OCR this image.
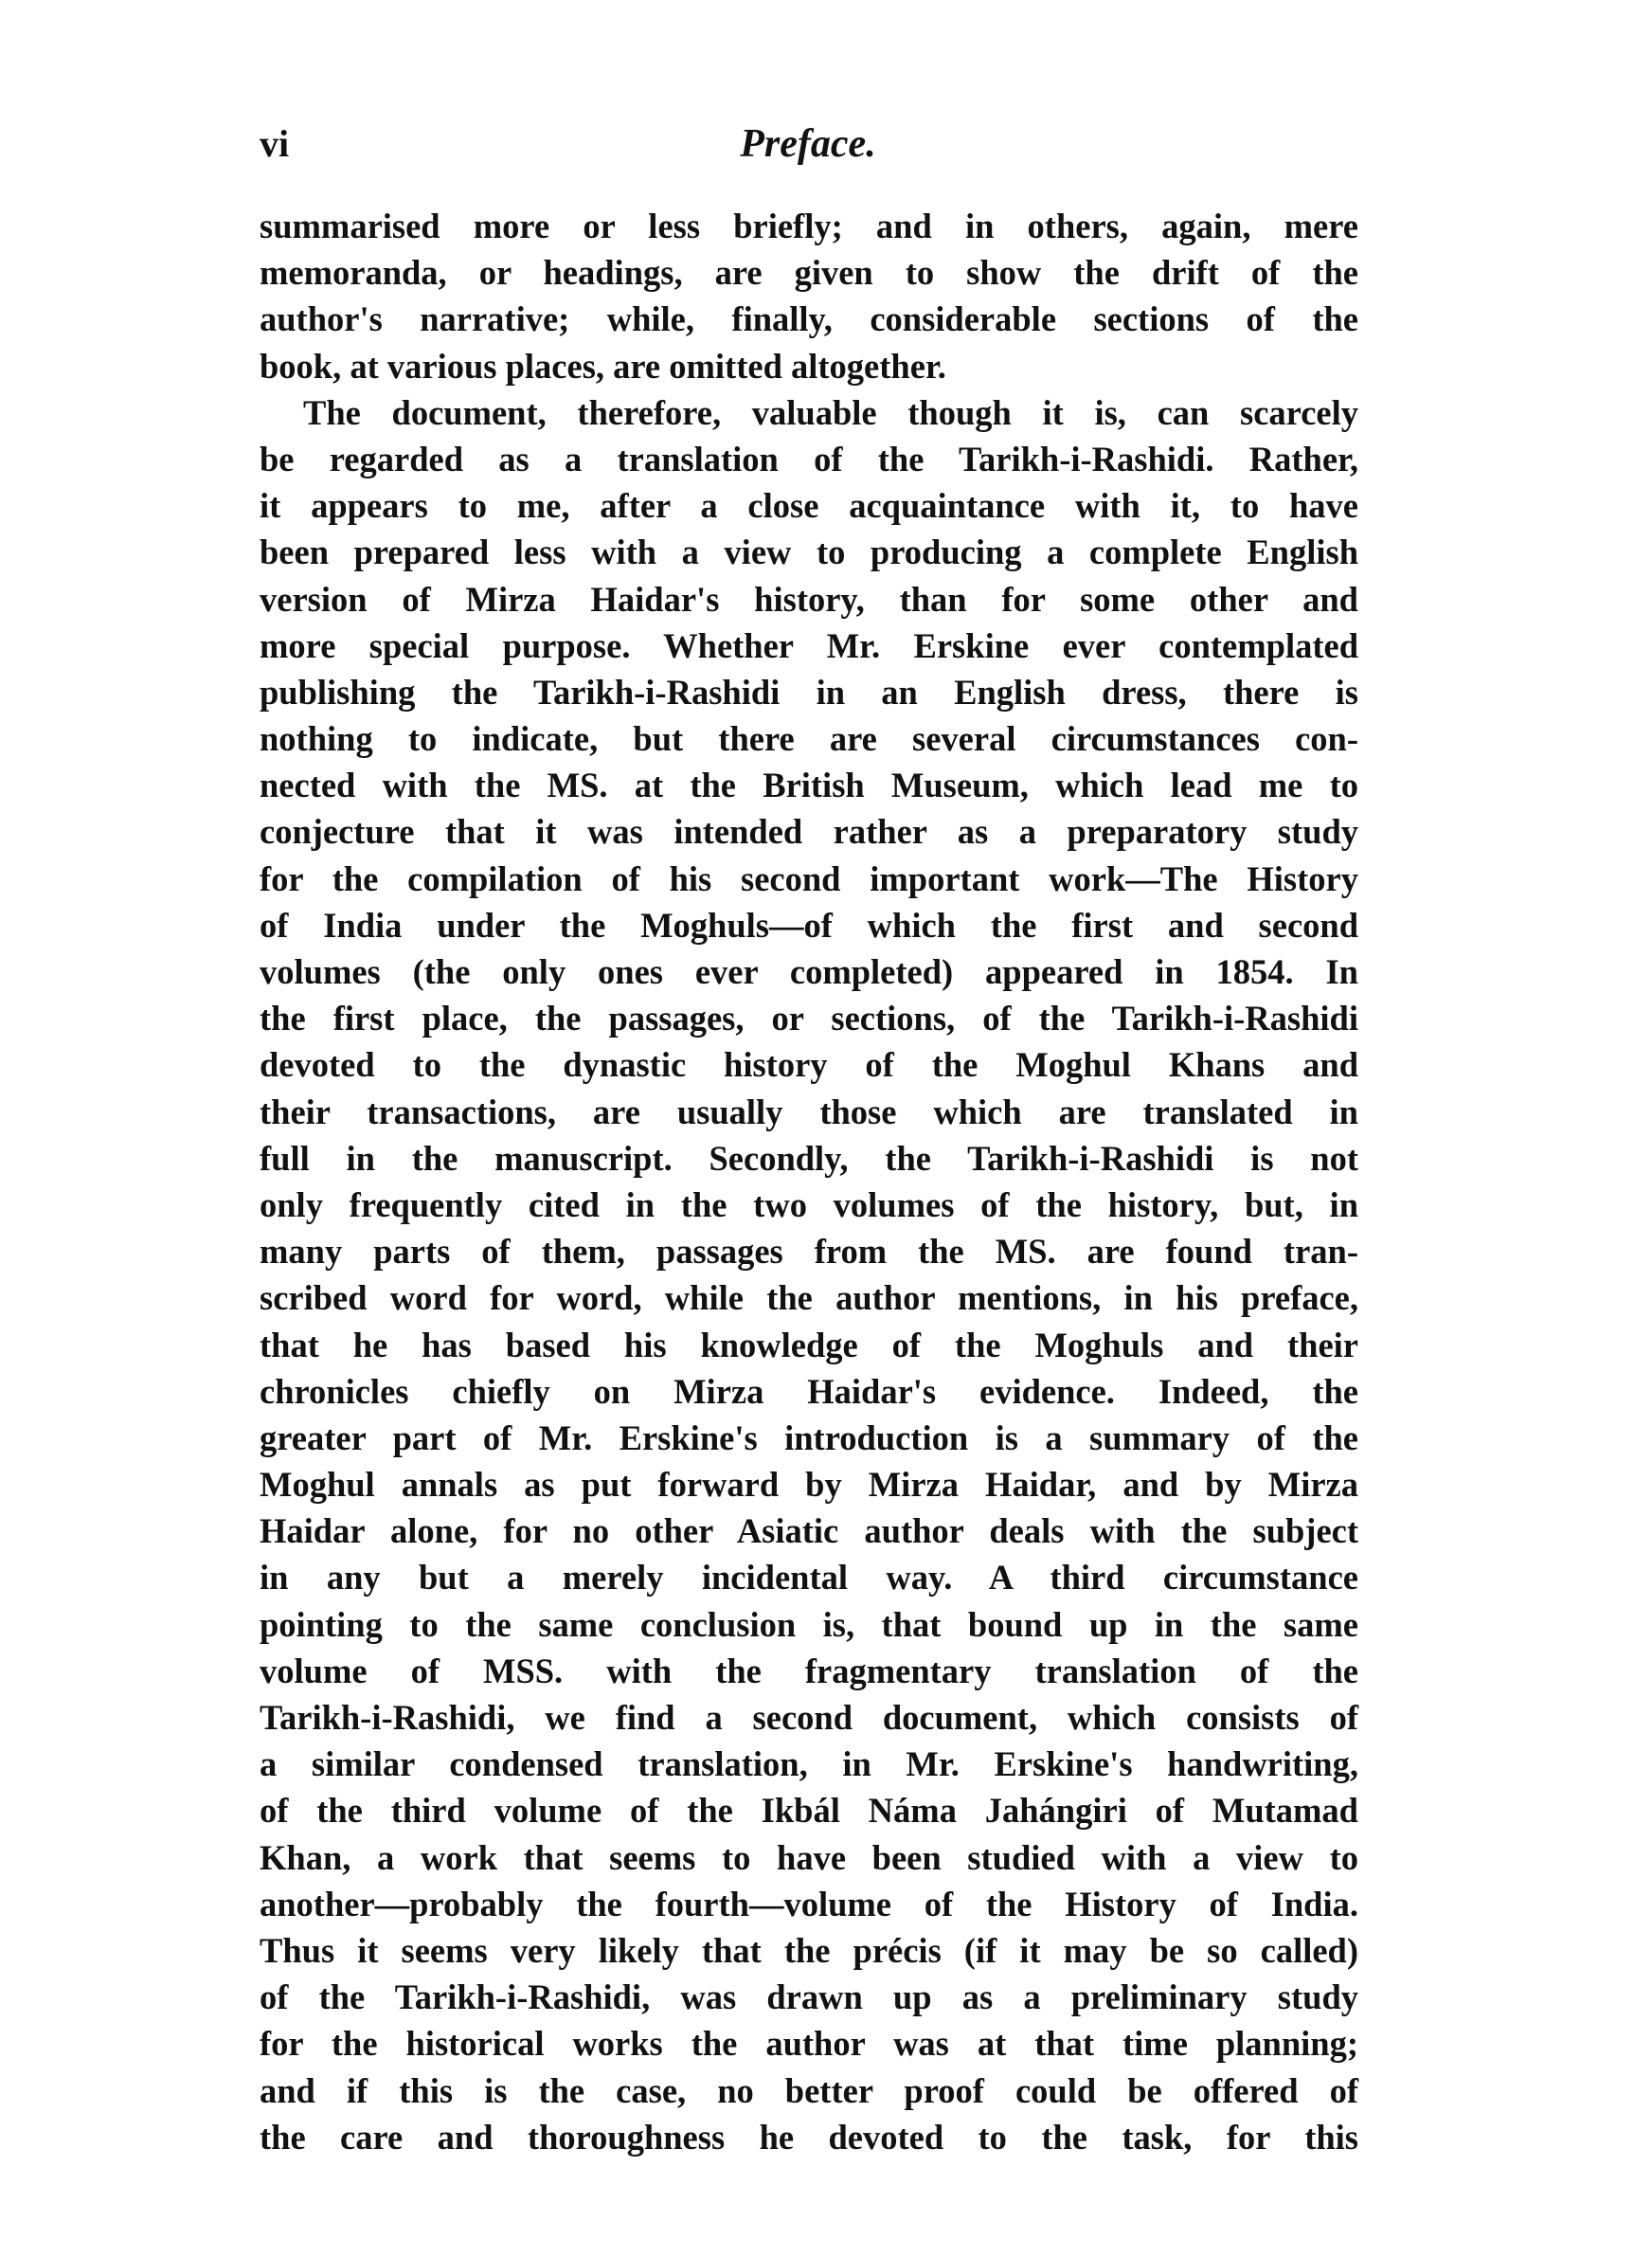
vi	Preface.
summarised more or less briefly; and in others, again, mere
memoranda, or headings, are given to show the drift of the
author's narrative; while, finally, considerable sections of the
book, at various places, are omitted altogether.
The document, therefore, valuable though it is, can scarcely
be regarded as a translation of the Tarikh-i-Rashidi. Rather,
it appears to me, after a close acquaintance with it, to have
been prepared less with a view to producing a complete English
version of Mirza Haidar's history, than for some other and
more special purpose. Whether Mr. Erskine ever contemplated
publishing the Tarikh-i-Rashidi in an English dress, there is
nothing to indicate, but there are several circumstances con-
nected with the MS. at the British Museum, which lead me to
conjecture that it was intended rather as a preparatory study
for the compilation of his second important work—The History
of India under the Moghuls—of which the first and second
volumes (the only ones ever completed) appeared in 1854. In
the first place, the passages, or sections, of the Tarikh-i-Rashidi
devoted to the dynastic history of the Moghul Khans and
their transactions, are usually those which are translated in
full in the manuscript. Secondly, the Tarikh-i-Rashidi is not
only frequently cited in the two volumes of the history, but, in
many parts of them, passages from the MS. are found tran-
scribed word for word, while the author mentions, in his preface,
that he has based his knowledge of the Moghuls and their
chronicles chiefly on Mirza Haidar's evidence. Indeed, the
greater part of Mr. Erskine's introduction is a summary of the
Moghul annals as put forward by Mirza Haidar, and by Mirza
Haidar alone, for no other Asiatic author deals with the subject
in any but a merely incidental way. A third circumstance
pointing to the same conclusion is, that bound up in the same
volume of MSS. with the fragmentary translation of the
Tarikh-i-Rashidi, we find a second document, which consists of
a similar condensed translation, in Mr. Erskine's handwriting,
of the third volume of the Ikbál Náma Jahángiri of Mutamad
Khan, a work that seems to have been studied with a view to
another—probably the fourth—volume of the History of India.
Thus it seems very likely that the précis (if it may be so called)
of the Tarikh-i-Rashidi, was drawn up as a preliminary study
for the historical works the author was at that time planning;
and if this is the case, no better proof could be offered of
the care and thoroughness he devoted to the task, for this
